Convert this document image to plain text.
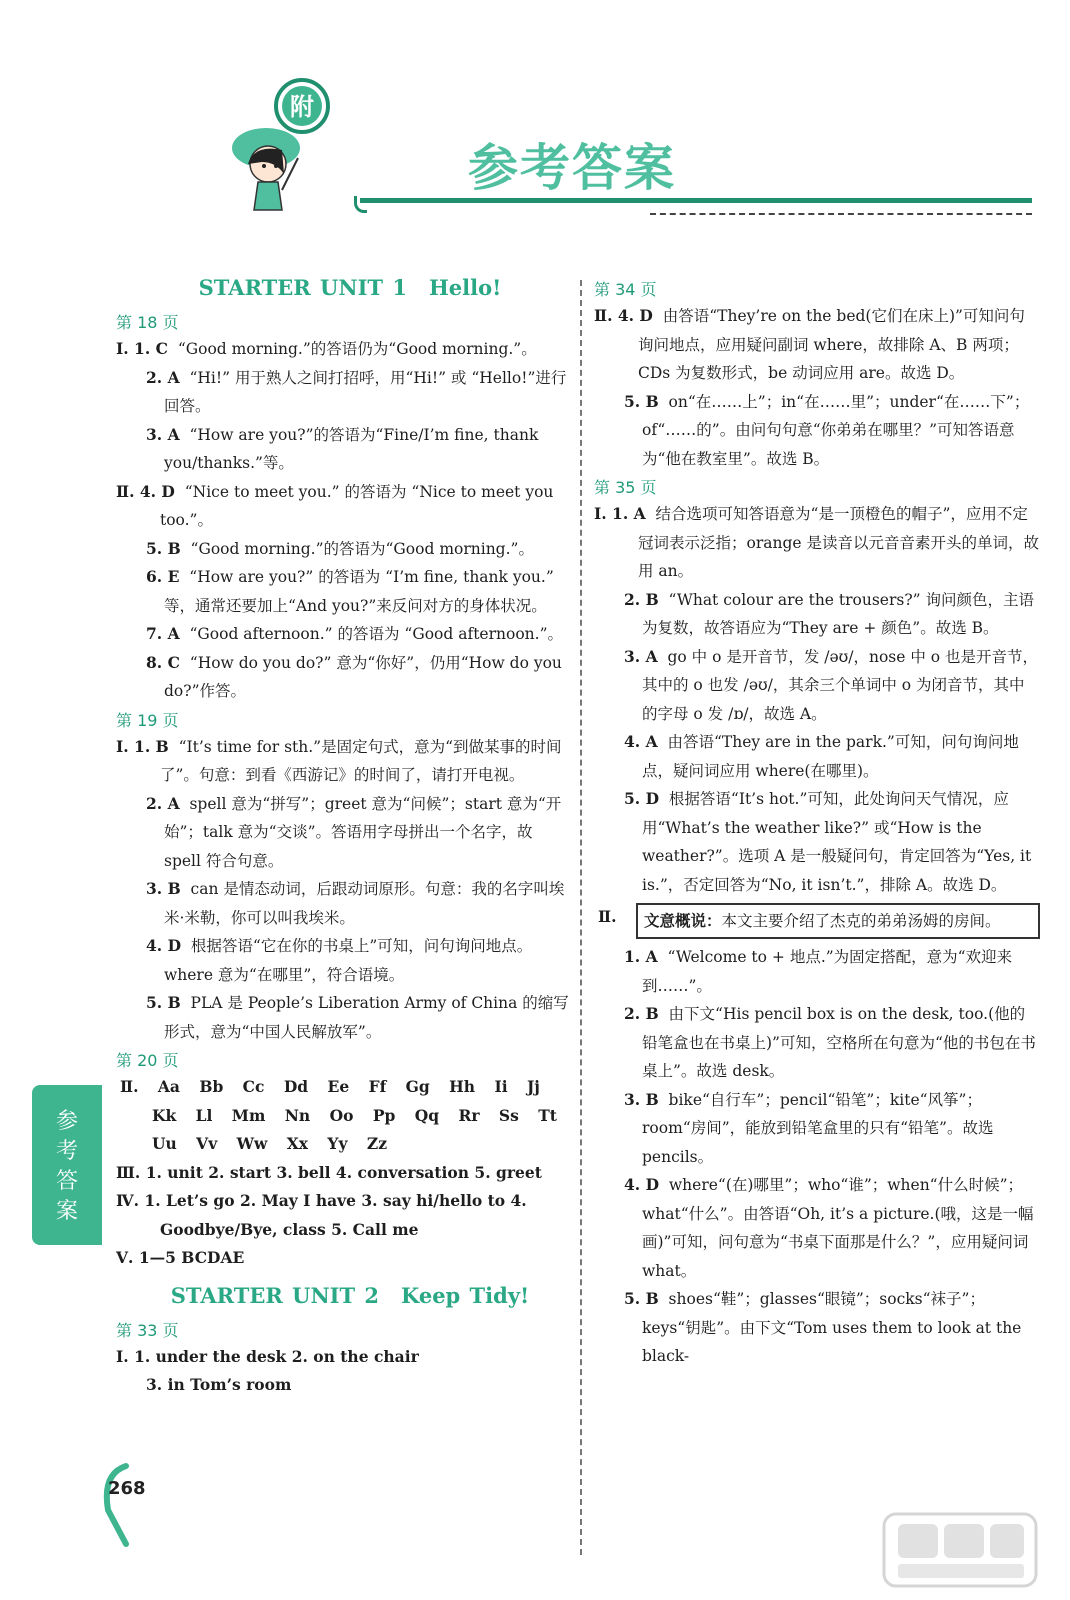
附
参考答案
STARTER UNIT 1 Hello!
第 18 页
Ⅰ. 1. C “Good morning.”的答语仍为“Good morning.”。
2. A “Hi!” 用于熟人之间打招呼，用“Hi!” 或 “Hello!”进行回答。
3. A “How are you?”的答语为“Fine/I’m fine, thank you/thanks.”等。
Ⅱ. 4. D “Nice to meet you.” 的答语为 “Nice to meet you too.”。
5. B “Good morning.”的答语为“Good morning.”。
6. E “How are you?” 的答语为 “I’m fine, thank you.” 等，通常还要加上“And you?”来反问对方的身体状况。
7. A “Good afternoon.” 的答语为 “Good afternoon.”。
8. C “How do you do?” 意为“你好”，仍用“How do you do?”作答。
第 19 页
Ⅰ. 1. B “It’s time for sth.”是固定句式，意为“到做某事的时间了”。句意：到看《西游记》的时间了，请打开电视。
2. A spell 意为“拼写”；greet 意为“问候”；start 意为“开始”；talk 意为“交谈”。答语用字母拼出一个名字，故 spell 符合句意。
3. B can 是情态动词，后跟动词原形。句意：我的名字叫埃米·米勒，你可以叫我埃米。
4. D 根据答语“它在你的书桌上”可知，问句询问地点。where 意为“在哪里”，符合语境。
5. B PLA 是 People’s Liberation Army of China 的缩写形式，意为“中国人民解放军”。
第 20 页
Ⅱ. Aa Bb Cc Dd Ee Ff Gg Hh Ii Jj Kk Ll Mm Nn Oo Pp Qq Rr Ss Tt Uu Vv Ww Xx Yy Zz
Ⅲ. 1. unit 2. start 3. bell 4. conversation 5. greet
Ⅳ. 1. Let’s go 2. May I have 3. say hi/hello to 4. Goodbye/Bye, class 5. Call me
Ⅴ. 1—5 BCDAE
STARTER UNIT 2 Keep Tidy!
第 33 页
Ⅰ. 1. under the desk 2. on the chair
3. in Tom’s room
第 34 页
Ⅱ. 4. D 由答语“They’re on the bed(它们在床上)”可知问句询问地点，应用疑问副词 where，故排除 A、B 两项；CDs 为复数形式，be 动词应用 are。故选 D。
5. B on“在……上”；in“在……里”；under“在……下”；of“……的”。由问句句意“你弟弟在哪里？”可知答语意为“他在教室里”。故选 B。
第 35 页
Ⅰ. 1. A 结合选项可知答语意为“是一顶橙色的帽子”，应用不定冠词表示泛指；orange 是读音以元音音素开头的单词，故用 an。
2. B “What colour are the trousers?” 询问颜色，主语为复数，故答语应为“They are + 颜色”。故选 B。
3. A go 中 o 是开音节，发 /əʊ/，nose 中 o 也是开音节，其中的 o 也发 /əʊ/，其余三个单词中 o 为闭音节，其中的字母 o 发 /ɒ/，故选 A。
4. A 由答语“They are in the park.”可知，问句询问地点，疑问词应用 where(在哪里)。
5. D 根据答语“It’s hot.”可知，此处询问天气情况，应用“What’s the weather like?” 或“How is the weather?”。选项 A 是一般疑问句，肯定回答为“Yes, it is.”，否定回答为“No, it isn’t.”，排除 A。故选 D。
Ⅱ.	文意概说：本文主要介绍了杰克的弟弟汤姆的房间。
1. A “Welcome to + 地点.”为固定搭配，意为“欢迎来到……”。
2. B 由下文“His pencil box is on the desk, too.(他的铅笔盒也在书桌上)”可知，空格所在句意为“他的书包在书桌上”。故选 desk。
3. B bike“自行车”；pencil“铅笔”；kite“风筝”；room“房间”，能放到铅笔盒里的只有“铅笔”。故选 pencils。
4. D where“(在)哪里”；who“谁”；when“什么时候”；what“什么”。由答语“Oh, it’s a picture.(哦，这是一幅画)”可知，问句意为“书桌下面那是什么？”，应用疑问词 what。
5. B shoes“鞋”；glasses“眼镜”；socks“袜子”；keys“钥匙”。由下文“Tom uses them to look at the black-
参考答案
268
